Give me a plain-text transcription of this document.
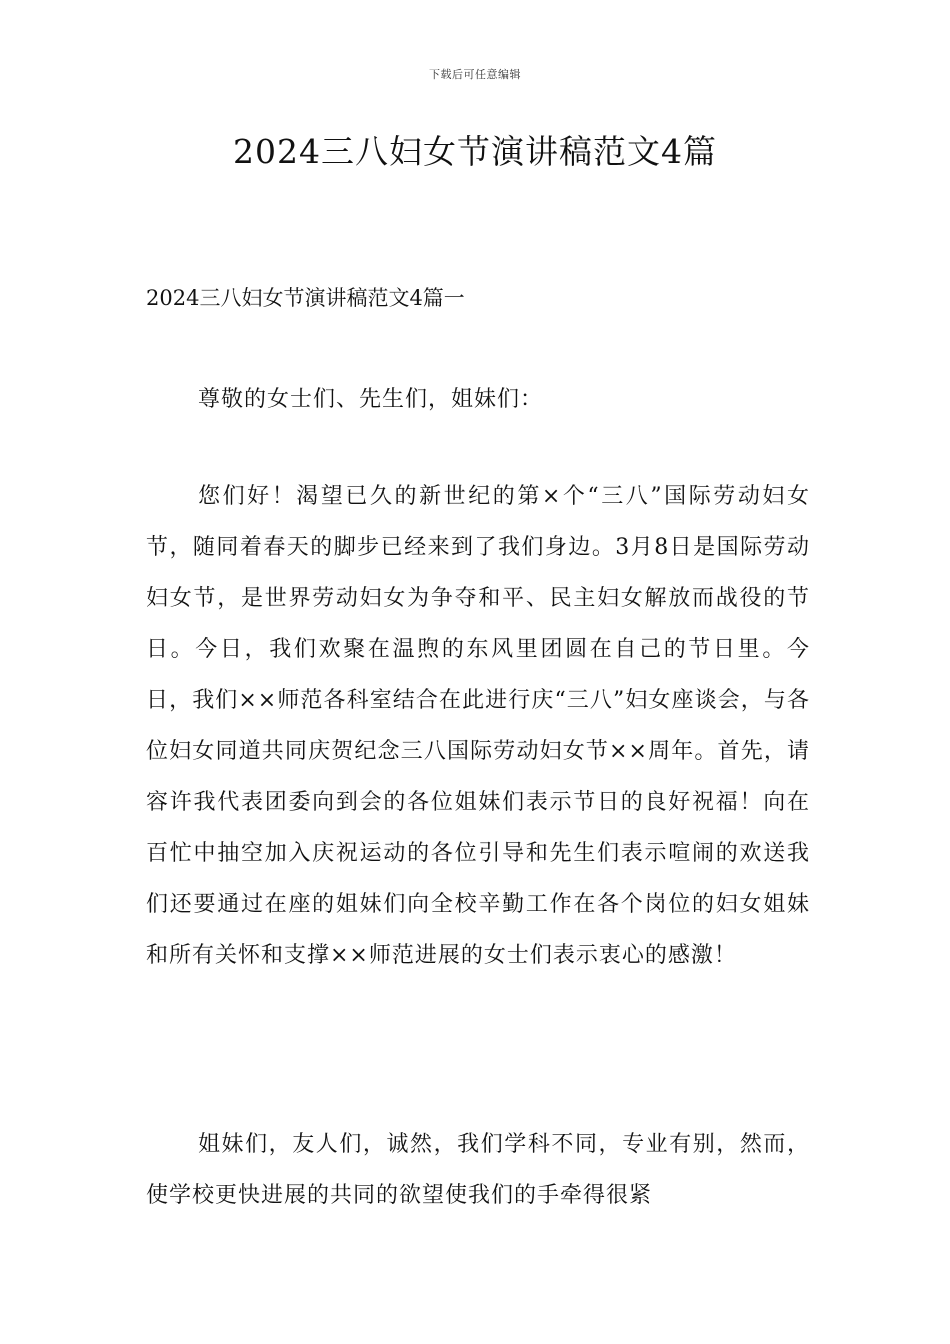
下载后可任意编辑
2024三八妇女节演讲稿范文4篇
2024三八妇女节演讲稿范文4篇一

尊敬的女士们、先生们，姐妹们：

您们好！渴望已久的新世纪的第×个“三八”国际劳动妇女节，随同着春天的脚步已经来到了我们身边。3月8日是国际劳动妇女节，是世界劳动妇女为争夺和平、民主妇女解放而战役的节日。今日，我们欢聚在温煦的东风里团圆在自己的节日里。今日，我们××师范各科室结合在此进行庆“三八”妇女座谈会，与各位妇女同道共同庆贺纪念三八国际劳动妇女节××周年。首先，请容许我代表团委向到会的各位姐妹们表示节日的良好祝福！向在百忙中抽空加入庆祝运动的各位引导和先生们表示喧闹的欢送我们还要通过在座的姐妹们向全校辛勤工作在各个岗位的妇女姐妹和所有关怀和支撑××师范进展的女士们表示衷心的感激！

姐妹们，友人们，诚然，我们学科不同，专业有别，然而，使学校更快进展的共同的欲望使我们的手牵得很紧
